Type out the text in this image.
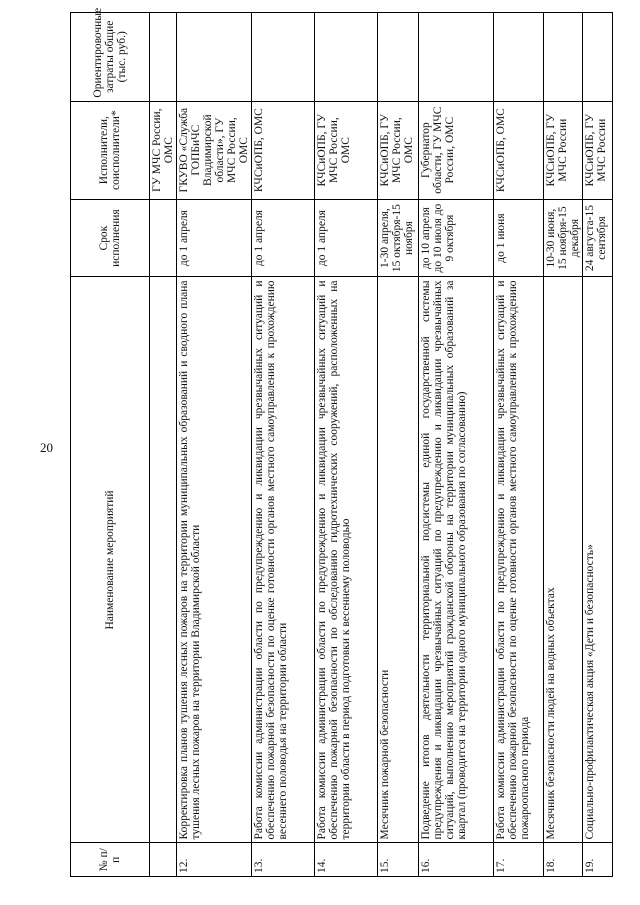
20
№ п/п	Наименование мероприятий	Срок исполнения	Исполнители, соисполнители*	Ориентировочные затраты общие (тыс. руб.)
			ГУ МЧС России, ОМС	
12.	Корректировка планов тушения лесных пожаров на территории муниципальных образований и сводного плана тушения лесных пожаров на территории Владимирской области	до 1 апреля	ГКУВО «Служба ГОПБиЧС Владимирской области», ГУ МЧС России, ОМС	
13.	Работа комиссии администрации области по предупреждению и ликвидации чрезвычайных ситуаций и обеспечению пожарной безопасности по оценке готовности органов местного самоуправления к прохождению весеннего половодья на территории области	до 1 апреля	КЧСиОПБ, ОМС	
14.	Работа комиссии администрации области по предупреждению и ликвидации чрезвычайных ситуаций и обеспечению пожарной безопасности по обследованию гидротехнических сооружений, расположенных на территории области в период подготовки к весеннему половодью	до 1 апреля	КЧСиОПБ, ГУ МЧС России, ОМС	
15.	Месячник пожарной безопасности	1-30 апреля, 15 октября-15 ноября	КЧСиОПБ, ГУ МЧС России, ОМС	
16.	Подведение итогов деятельности территориальной подсистемы единой государственной системы предупреждения и ликвидации чрезвычайных ситуаций по предупреждению и ликвидации чрезвычайных ситуаций, выполнению мероприятий гражданской обороны на территории муниципальных образований за квартал (проводится на территории одного муниципального образования по согласованию)	до 10 апреля до 10 июля до 9 октября	Губернатор области, ГУ МЧС России, ОМС	
17.	Работа комиссии администрации области по предупреждению и ликвидации чрезвычайных ситуаций и обеспечению пожарной безопасности по оценке готовности органов местного самоуправления к прохождению пожароопасного периода	до 1 июня	КЧСиОПБ, ОМС	
18.	Месячник безопасности людей на водных объектах	10-30 июня, 15 ноября-15 декабря	КЧСиОПБ, ГУ МЧС России	
19.	Социально-профилактическая акция «Дети и безопасность»	24 августа-15 сентября	КЧСиОПБ, ГУ МЧС России	
